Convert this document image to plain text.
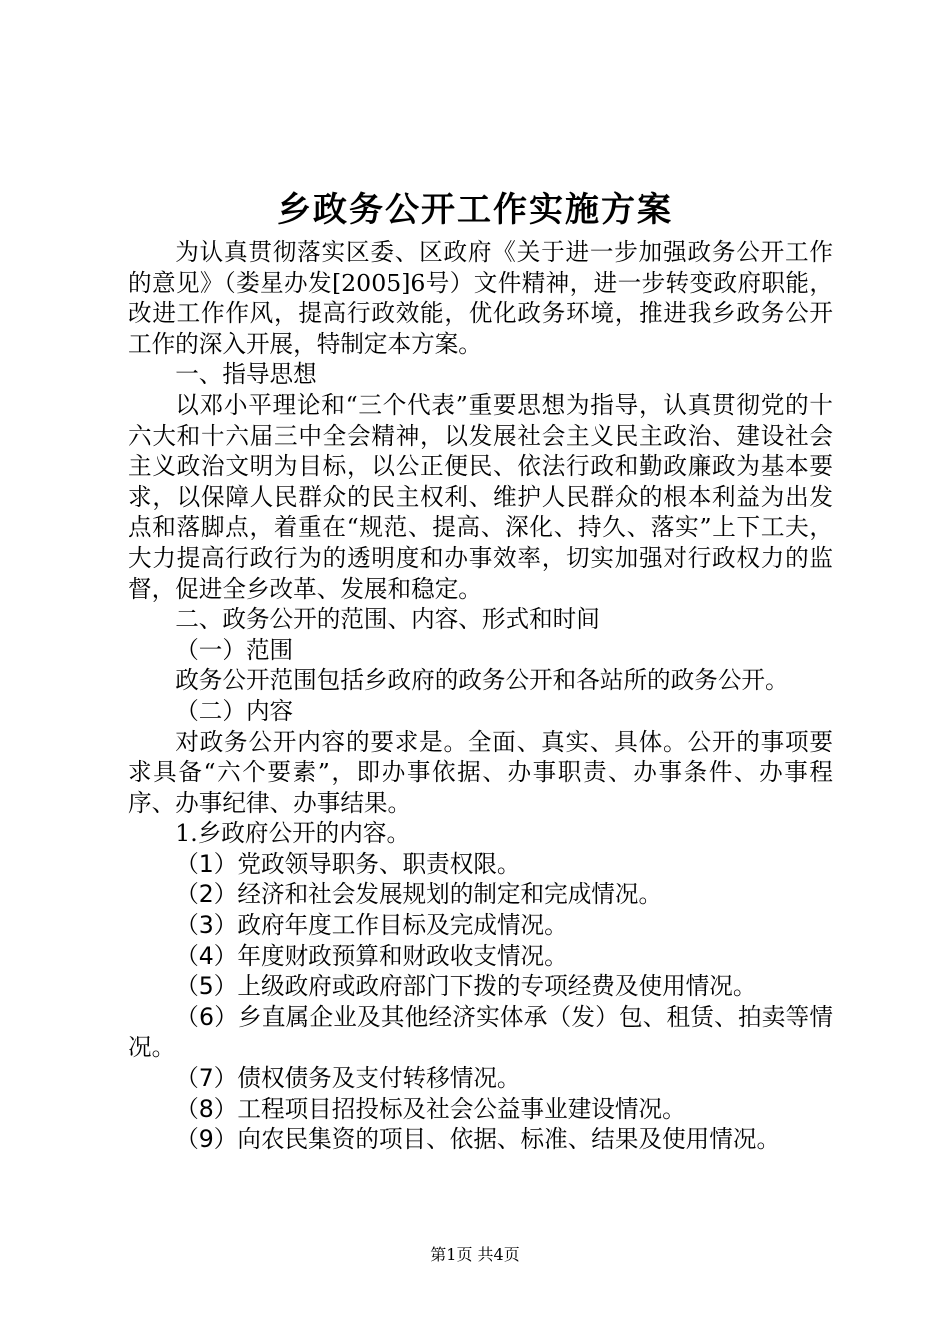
乡政务公开工作实施方案

为认真贯彻落实区委、区政府《关于进一步加强政务公开工作的意见》（娄星办发[2005]6号）文件精神，进一步转变政府职能，改进工作作风，提高行政效能，优化政务环境，推进我乡政务公开工作的深入开展，特制定本方案。

一、指导思想

以邓小平理论和“三个代表”重要思想为指导，认真贯彻党的十六大和十六届三中全会精神，以发展社会主义民主政治、建设社会主义政治文明为目标，以公正便民、依法行政和勤政廉政为基本要求，以保障人民群众的民主权利、维护人民群众的根本利益为出发点和落脚点，着重在“规范、提高、深化、持久、落实”上下工夫，大力提高行政行为的透明度和办事效率，切实加强对行政权力的监督，促进全乡改革、发展和稳定。

二、政务公开的范围、内容、形式和时间

（一）范围

政务公开范围包括乡政府的政务公开和各站所的政务公开。

（二）内容

对政务公开内容的要求是。全面、真实、具体。公开的事项要求具备“六个要素”，即办事依据、办事职责、办事条件、办事程序、办事纪律、办事结果。

1.乡政府公开的内容。

（1）党政领导职务、职责权限。

（2）经济和社会发展规划的制定和完成情况。

（3）政府年度工作目标及完成情况。

（4）年度财政预算和财政收支情况。

（5）上级政府或政府部门下拨的专项经费及使用情况。

（6）乡直属企业及其他经济实体承（发）包、租赁、拍卖等情况。

（7）债权债务及支付转移情况。

（8）工程项目招投标及社会公益事业建设情况。

（9）向农民集资的项目、依据、标准、结果及使用情况。

第1页 共4页
